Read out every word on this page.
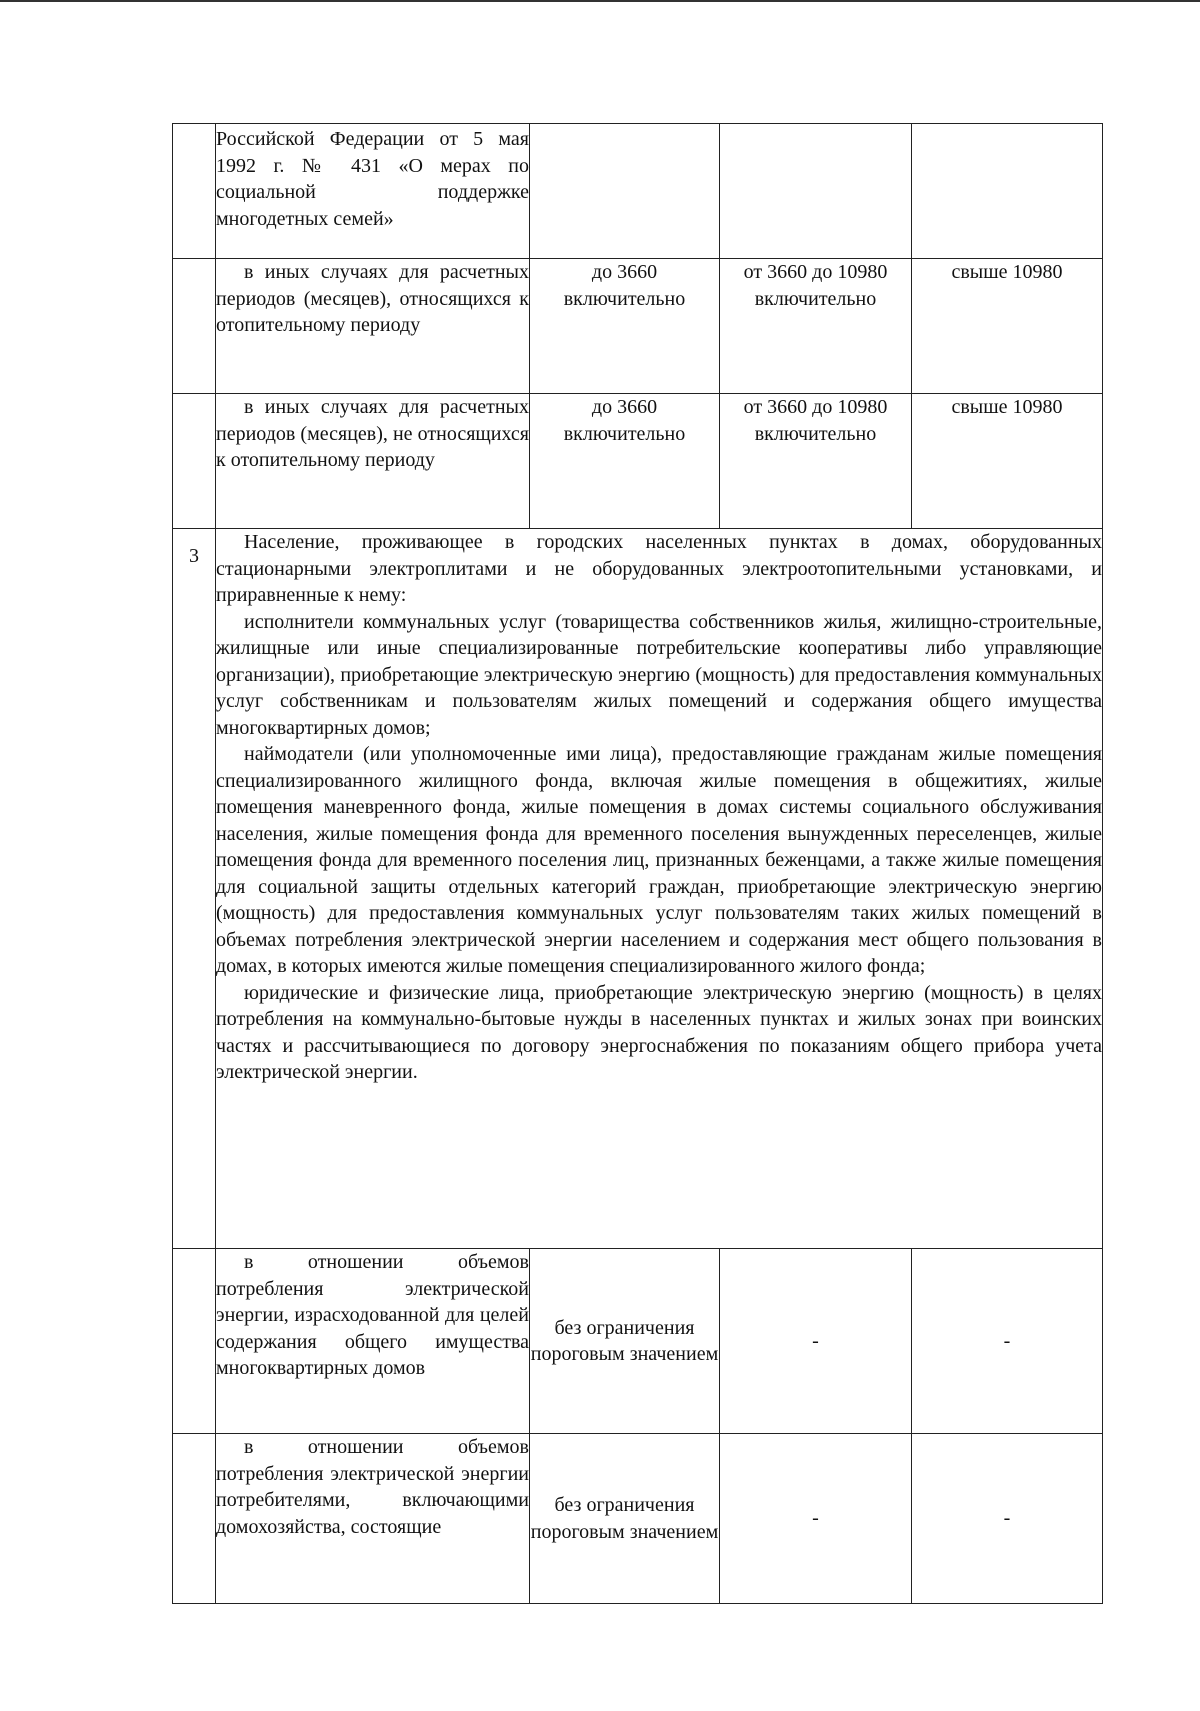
	Российской Федерации от 5 мая 1992 г. № 431 «О мерах по социальной поддержке многодетных семей»			

	в иных случаях для расчетных периодов (месяцев), относящихся к отопительному периоду	до 3660 включительно	от 3660 до 10980 включительно	свыше 10980

	в иных случаях для расчетных периодов (месяцев), не относящихся к отопительному периоду	до 3660 включительно	от 3660 до 10980 включительно	свыше 10980
3	Население, проживающее в городских населенных пунктах в домах, оборудованных стационарными электроплитами и не оборудованных электроотопительными установками, и приравненные к нему:

исполнители коммунальных услуг (товарищества собственников жилья, жилищно-строительные, жилищные или иные специализированные потребительские кооперативы либо управляющие организации), приобретающие электрическую энергию (мощность) для предоставления коммунальных услуг собственникам и пользователям жилых помещений и содержания общего имущества многоквартирных домов;

наймодатели (или уполномоченные ими лица), предоставляющие гражданам жилые помещения специализированного жилищного фонда, включая жилые помещения в общежитиях, жилые помещения маневренного фонда, жилые помещения в домах системы социального обслуживания населения, жилые помещения фонда для временного поселения вынужденных переселенцев, жилые помещения фонда для временного поселения лиц, признанных беженцами, а также жилые помещения для социальной защиты отдельных категорий граждан, приобретающие электрическую энергию (мощность) для предоставления коммунальных услуг пользователям таких жилых помещений в объемах потребления электрической энергии населением и содержания мест общего пользования в домах, в которых имеются жилые помещения специализированного жилого фонда;

юридические и физические лица, приобретающие электрическую энергию (мощность) в целях потребления на коммунально-бытовые нужды в населенных пунктах и жилых зонах при воинских частях и рассчитывающиеся по договору энергоснабжения по показаниям общего прибора учета электрической энергии.			

	в отношении объемов потребления электрической энергии, израсходованной для целей содержания общего имущества многоквартирных домов	без ограничения пороговым значением	-	-

	в отношении объемов потребления электрической энергии потребителями, включающими домохозяйства, состоящие	без ограничения пороговым значением	-	-
